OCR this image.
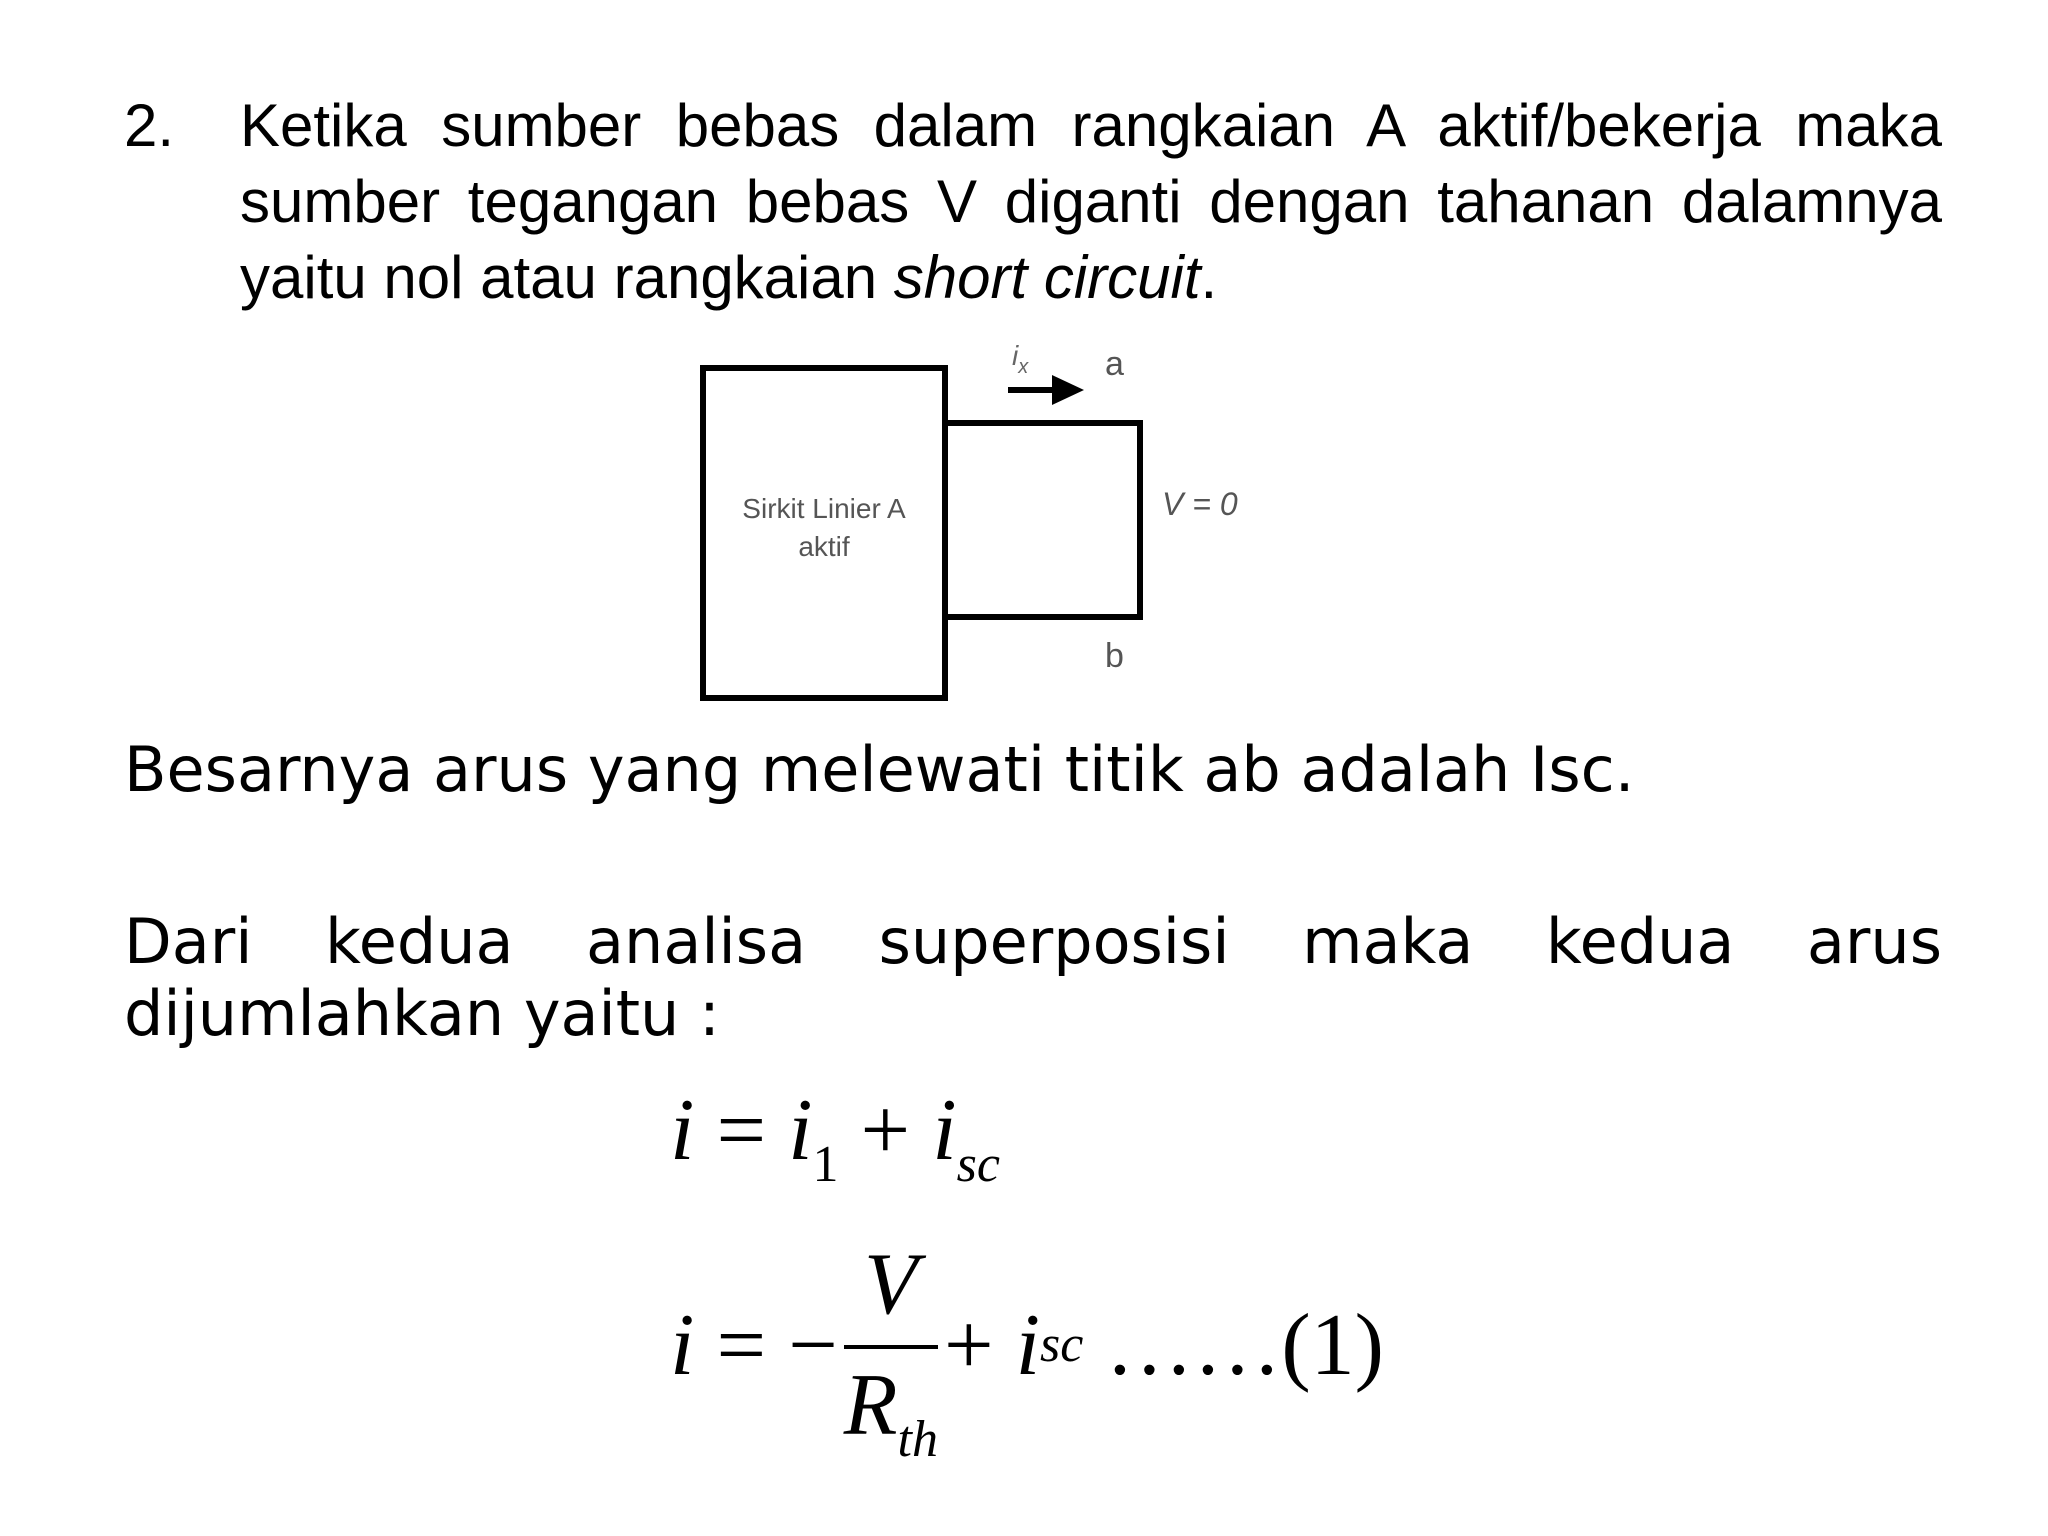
2. Ketika sumber bebas dalam rangkaian A aktif/bekerja maka sumber tegangan bebas V diganti dengan tahanan dalamnya yaitu nol atau rangkaian short circuit.
Sirkit Linier A
aktif
$i_x$ a
b
V = 0
Besarnya arus yang melewati titik ab adalah Isc.
Dari kedua analisa superposisi maka kedua arus dijumlahkan yaitu :
$i = i_1 + i_{sc}$
i
=
− $\frac{V}{R_{th}}$ +
i sc
……(1)
